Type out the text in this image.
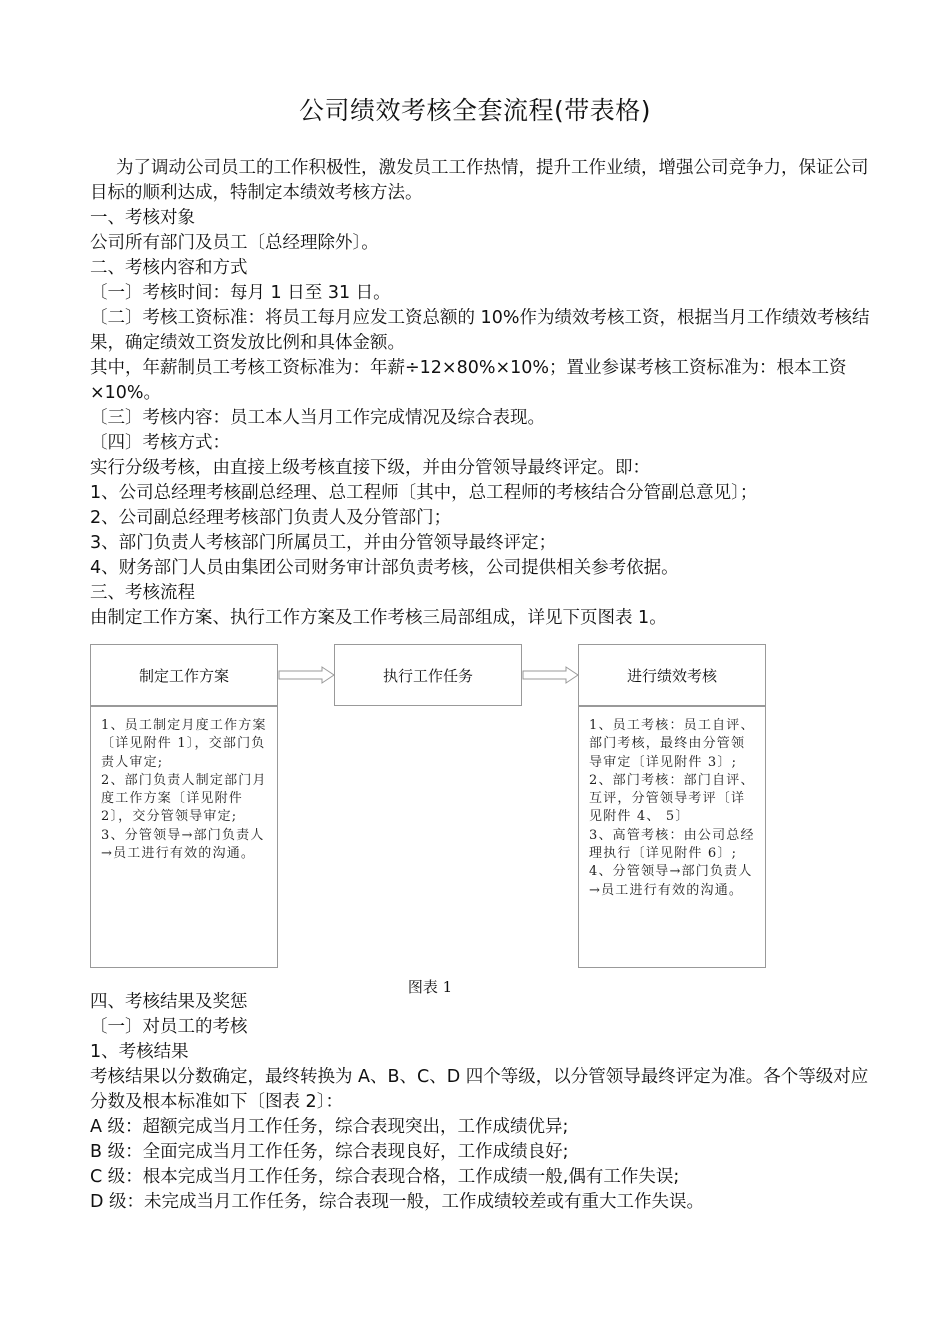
公司绩效考核全套流程(带表格)

为了调动公司员工的工作积极性，激发员工工作热情，提升工作业绩，增强公司竞争力，保证公司目标的顺利达成，特制定本绩效考核方法。

一、考核对象

公司所有部门及员工〔总经理除外〕。

二、考核内容和方式

〔一〕考核时间：每月 1 日至 31 日。

〔二〕考核工资标准：将员工每月应发工资总额的 10%作为绩效考核工资，根据当月工作绩效考核结果，确定绩效工资发放比例和具体金额。

其中，年薪制员工考核工资标准为：年薪÷12×80%×10%；置业参谋考核工资标准为：根本工资×10%。

〔三〕考核内容：员工本人当月工作完成情况及综合表现。

〔四〕考核方式：

实行分级考核，由直接上级考核直接下级，并由分管领导最终评定。即：

1、公司总经理考核副总经理、总工程师〔其中，总工程师的考核结合分管副总意见〕；

2、公司副总经理考核部门负责人及分管部门；

3、部门负责人考核部门所属员工，并由分管领导最终评定；

4、财务部门人员由集团公司财务审计部负责考核，公司提供相关参考依据。

三、考核流程

由制定工作方案、执行工作方案及工作考核三局部组成，详见下页图表 1。

制定工作方案	执行工作任务	进行绩效考核
1、员工制定月度工作方案〔详见附件 1〕，交部门负责人审定;
2、部门负责人制定部门月度工作方案〔详见附件 2〕，交分管领导审定;
3、分管领导→部门负责人→员工进行有效的沟通。
1、员工考核：员工自评、部门考核，最终由分管领导审定〔详见附件 3〕;
2、部门考核：部门自评、互评，分管领导考评〔详见附件 4、 5〕
3、高管考核：由公司总经理执行〔详见附件 6〕;
4、分管领导→部门负责人→员工进行有效的沟通。
图表 1

四、考核结果及奖惩

〔一〕对员工的考核

1、考核结果

考核结果以分数确定，最终转换为 A、B、C、D 四个等级，以分管领导最终评定为准。各个等级对应分数及根本标准如下〔图表 2〕：

A 级：超额完成当月工作任务，综合表现突出，工作成绩优异;

B 级：全面完成当月工作任务，综合表现良好，工作成绩良好;

C 级：根本完成当月工作任务，综合表现合格，工作成绩一般,偶有工作失误;

D 级：未完成当月工作任务，综合表现一般，工作成绩较差或有重大工作失误。
